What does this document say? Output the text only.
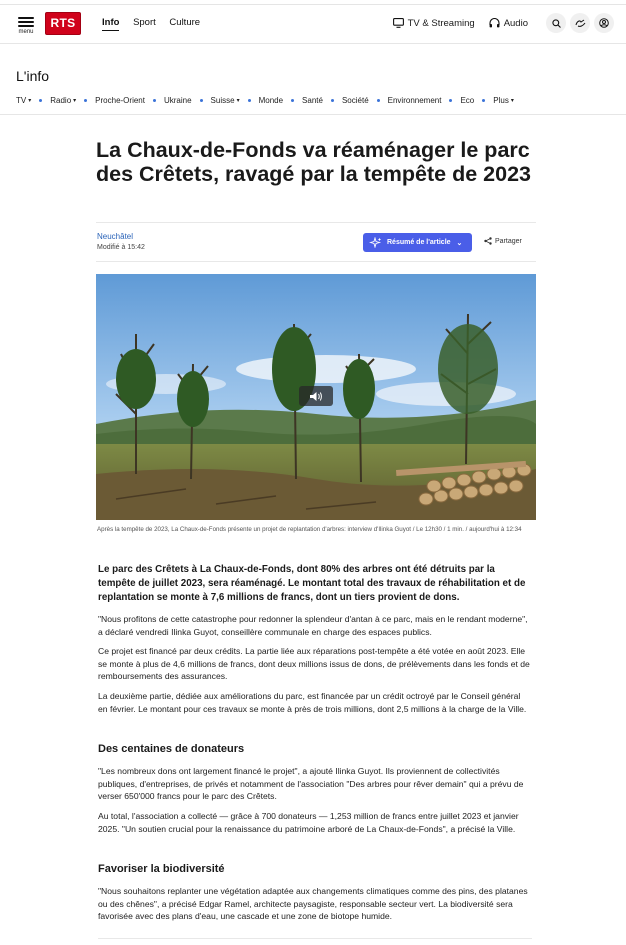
menu
RTS	Info Sport Culture	TV & Streaming	Audio
L'info
TV ▾ Radio ▾ Proche-Orient Ukraine Suisse ▾ Monde Santé Société Environnement Eco Plus ▾
La Chaux-de-Fonds va réaménager le parc des Crêtets, ravagé par la tempête de 2023
Neuchâtel
Modifié à 15:42
Résumé de l'article ⌄	Partager
Après la tempête de 2023, La Chaux-de-Fonds présente un projet de replantation d'arbres: interview d'Ilinka Guyot / Le 12h30 / 1 min. / aujourd'hui à 12:34

Le parc des Crêtets à La Chaux-de-Fonds, dont 80% des arbres ont été détruits par la tempête de juillet 2023, sera réaménagé. Le montant total des travaux de réhabilitation et de replantation se monte à 7,6 millions de francs, dont un tiers provient de dons.

"Nous profitons de cette catastrophe pour redonner la splendeur d'antan à ce parc, mais en le rendant moderne", a déclaré vendredi Ilinka Guyot, conseillère communale en charge des espaces publics.

Ce projet est financé par deux crédits. La partie liée aux réparations post-tempête a été votée en août 2023. Elle se monte à plus de 4,6 millions de francs, dont deux millions issus de dons, de prélèvements dans les fonds et de remboursements des assurances.

La deuxième partie, dédiée aux améliorations du parc, est financée par un crédit octroyé par le Conseil général en février. Le montant pour ces travaux se monte à près de trois millions, dont 2,5 millions à la charge de la Ville.

Des centaines de donateurs

"Les nombreux dons ont largement financé le projet", a ajouté Ilinka Guyot. Ils proviennent de collectivités publiques, d'entreprises, de privés et notamment de l'association "Des arbres pour rêver demain" qui a prévu de verser 650'000 francs pour le parc des Crêtets.

Au total, l'association a collecté — grâce à 700 donateurs — 1,253 million de francs entre juillet 2023 et janvier 2025. "Un soutien crucial pour la renaissance du patrimoine arboré de La Chaux-de-Fonds", a précisé la Ville.

Favoriser la biodiversité

"Nous souhaitons replanter une végétation adaptée aux changements climatiques comme des pins, des platanes ou des chênes", a précisé Edgar Ramel, architecte paysagiste, responsable secteur vert. La biodiversité sera favorisée avec des plans d'eau, une cascade et une zone de biotope humide.
